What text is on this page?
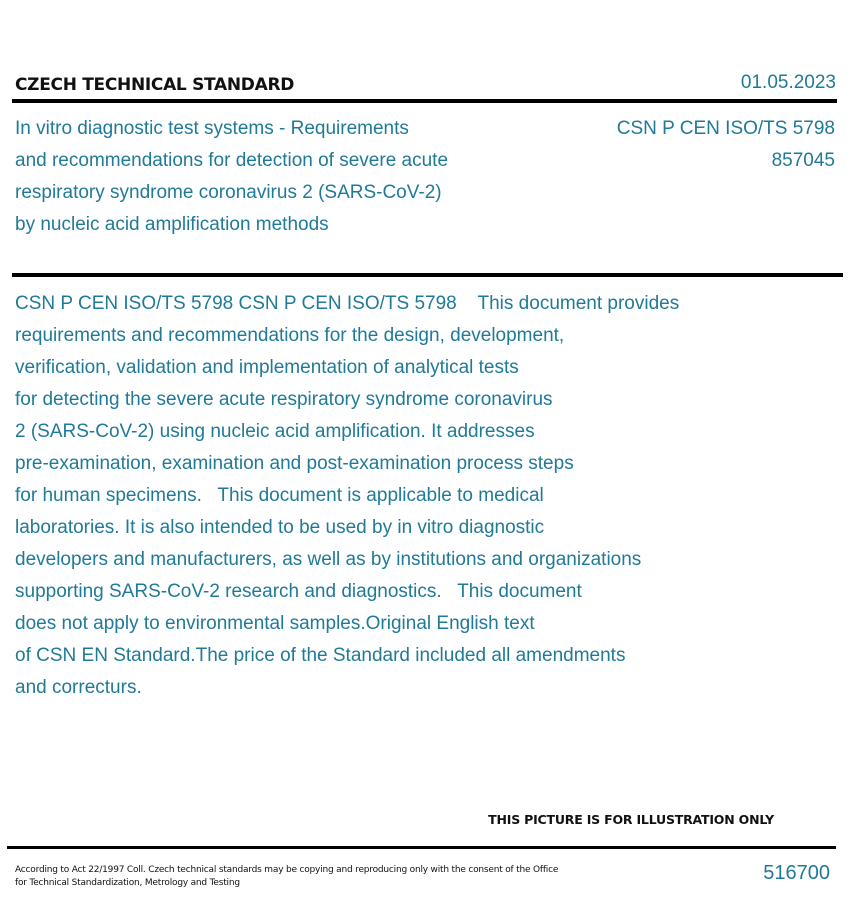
CZECH TECHNICAL STANDARD	01.05.2023
In vitro diagnostic test systems - Requirements
and recommendations for detection of severe acute
respiratory syndrome coronavirus 2 (SARS-CoV-2)
by nucleic acid amplification methods
CSN P CEN ISO/TS 5798
857045
CSN P CEN ISO/TS 5798 CSN P CEN ISO/TS 5798    This document provides
requirements and recommendations for the design, development,
verification, validation and implementation of analytical tests
for detecting the severe acute respiratory syndrome coronavirus
2 (SARS-CoV-2) using nucleic acid amplification. It addresses
pre-examination, examination and post-examination process steps
for human specimens.   This document is applicable to medical
laboratories. It is also intended to be used by in vitro diagnostic
developers and manufacturers, as well as by institutions and organizations
supporting SARS-CoV-2 research and diagnostics.   This document
does not apply to environmental samples.Original English text
of CSN EN Standard.The price of the Standard included all amendments
and correcturs.
THIS PICTURE IS FOR ILLUSTRATION ONLY
According to Act 22/1997 Coll. Czech technical standards may be copying and reproducing only with the consent of the Office
for Technical Standardization, Metrology and Testing	516700
